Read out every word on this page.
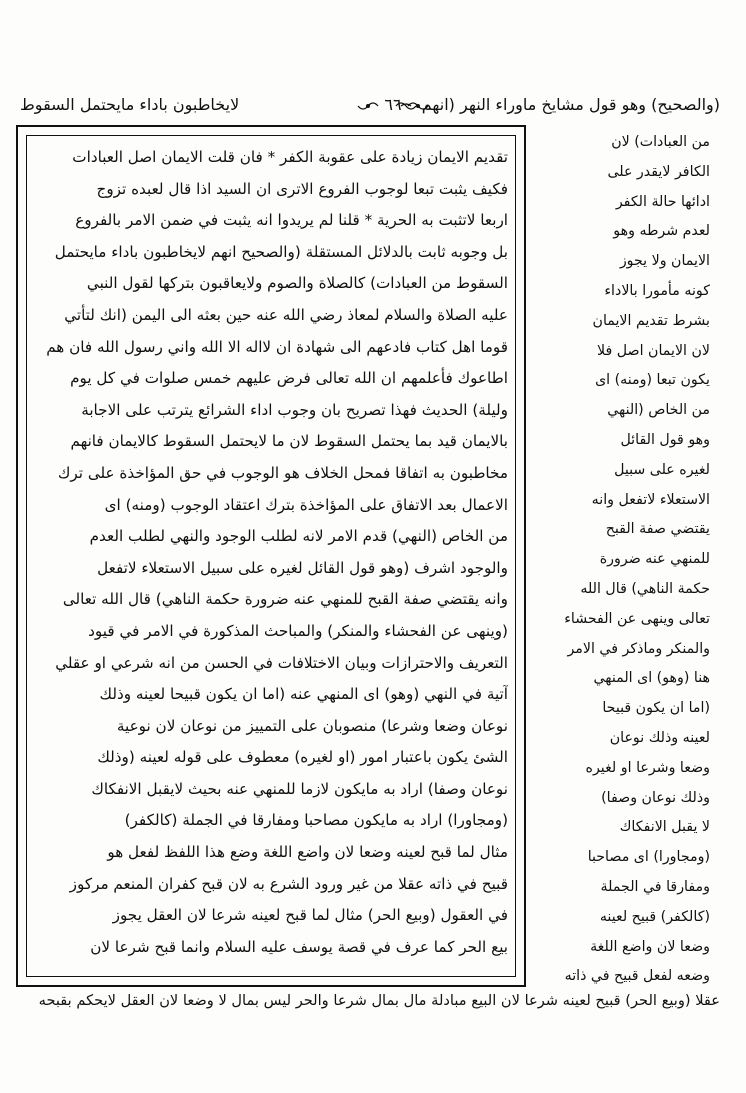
(والصحيح) وهو قول مشايخ ماوراء النهر (انهم
٦٦
لايخاطبون باداء مايحتمل السقوط
تقديم الايمان زيادة على عقوبة الكفر * فان قلت الايمان اصل العبادات
فكيف يثبت تبعا لوجوب الفروع الاترى ان السيد اذا قال لعبده تزوج
اربعا لاتثبت به الحرية * قلنا لم يريدوا انه يثبت في ضمن الامر بالفروع
بل وجوبه ثابت بالدلائل المستقلة (والصحيح انهم لايخاطبون باداء مايحتمل
السقوط من العبادات) كالصلاة والصوم ولايعاقبون بتركها لقول النبي
عليه الصلاة والسلام لمعاذ رضي الله عنه حين بعثه الى اليمن (انك لتأتي
قوما اهل كتاب فادعهم الى شهادة ان لااله الا الله واني رسول الله فان هم
اطاعوك فأعلمهم ان الله تعالى فرض عليهم خمس صلوات في كل يوم
وليلة) الحديث فهذا تصريح بان وجوب اداء الشرائع يترتب على الاجابة
بالايمان قيد بما يحتمل السقوط لان ما لايحتمل السقوط كالايمان فانهم
مخاطبون به اتفاقا فمحل الخلاف هو الوجوب في حق المؤاخذة على ترك
الاعمال بعد الاتفاق على المؤاخذة بترك اعتقاد الوجوب (ومنه) اى
من الخاص (النهي) قدم الامر لانه لطلب الوجود والنهي لطلب العدم
والوجود اشرف (وهو قول القائل لغيره على سبيل الاستعلاء لاتفعل
وانه يقتضي صفة القبح للمنهي عنه ضرورة حكمة الناهي) قال الله تعالى
(وينهى عن الفحشاء والمنكر) والمباحث المذكورة في الامر في قيود
التعريف والاحترازات وبيان الاختلافات في الحسن من انه شرعي او عقلي
آتية في النهي (وهو) اى المنهي عنه (اما ان يكون قبيحا لعينه وذلك
نوعان وضعا وشرعا) منصوبان على التمييز من نوعان لان نوعية
الشئ يكون باعتبار امور (او لغيره) معطوف على قوله لعينه (وذلك
نوعان وصفا) اراد به مايكون لازما للمنهي عنه بحيث لايقبل الانفكاك
(ومجاورا) اراد به مايكون مصاحبا ومفارقا في الجملة (كالكفر)
مثال لما قبح لعينه وضعا لان واضع اللغة وضع هذا اللفظ لفعل هو
قبيح في ذاته عقلا من غير ورود الشرع به لان قبح كفران المنعم مركوز
في العقول (وبيع الحر) مثال لما قبح لعينه شرعا لان العقل يجوز
بيع الحر كما عرف في قصة يوسف عليه السلام وانما قبح شرعا لان
من العبادات) لان
الكافر لايقدر على
ادائها حالة الكفر
لعدم شرطه وهو
الايمان ولا يجوز
كونه مأمورا بالاداء
بشرط تقديم الايمان
لان الايمان اصل فلا
يكون تبعا (ومنه) اى
من الخاص (النهي
وهو قول القائل
لغيره على سبيل
الاستعلاء لاتفعل وانه
يقتضي صفة القبح
للمنهي عنه ضرورة
حكمة الناهي) قال الله
تعالى وينهى عن الفحشاء
والمنكر وماذكر في الامر
هنا (وهو) اى المنهي
(اما ان يكون قبيحا
لعينه وذلك نوعان
وضعا وشرعا او لغيره
وذلك نوعان وصفا)
لا يقبل الانفكاك
(ومجاورا) اى مصاحبا
ومفارقا في الجملة
(كالكفر) قبيح لعينه
وضعا لان واضع اللغة
وضعه لفعل قبيح في ذاته
عقلا (وبيع الحر) قبيح لعينه شرعا لان البيع مبادلة مال بمال شرعا والحر ليس بمال لا وضعا لان العقل لايحكم بقبحه
